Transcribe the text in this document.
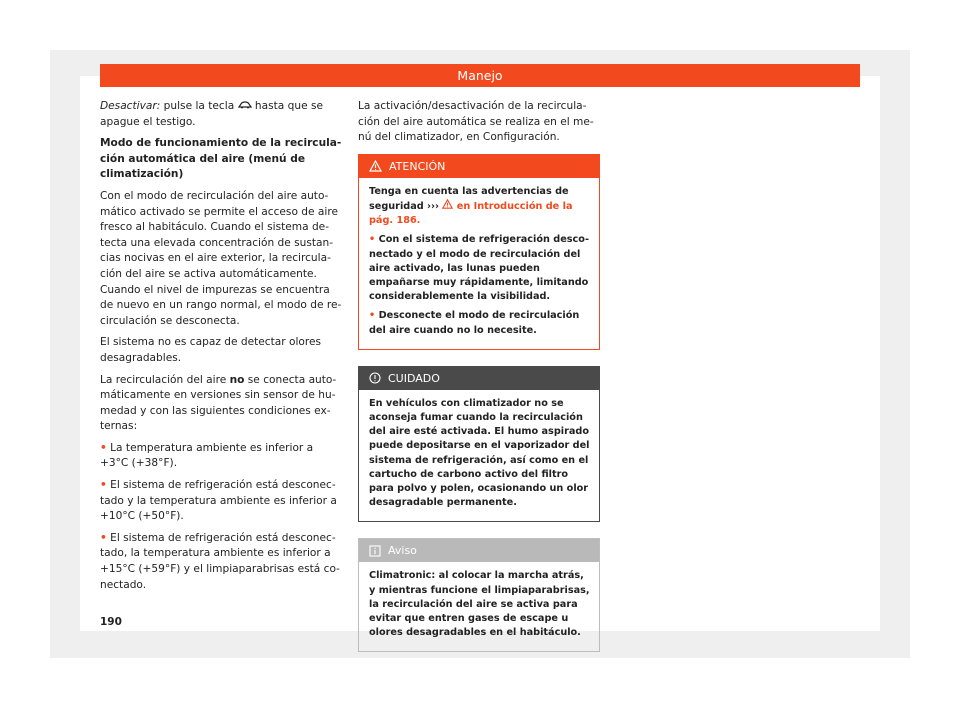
Manejo

Desactivar: pulse la tecla
hasta que se apague el testigo.

Modo de funcionamiento de la recirculación automática del aire (menú de climatización)

Con el modo de recirculación del aire automático activado se permite el acceso de aire fresco al habitáculo. Cuando el sistema detecta una elevada concentración de sustancias nocivas en el aire exterior, la recirculación del aire se activa automáticamente. Cuando el nivel de impurezas se encuentra de nuevo en un rango normal, el modo de recirculación se desconecta.

El sistema no es capaz de detectar olores desagradables.

La recirculación del aire no se conecta automáticamente en versiones sin sensor de humedad y con las siguientes condiciones externas:

• La temperatura ambiente es inferior a +3°C (+38°F).

• El sistema de refrigeración está desconectado y la temperatura ambiente es inferior a +10°C (+50°F).

• El sistema de refrigeración está desconectado, la temperatura ambiente es inferior a +15°C (+59°F) y el limpiaparabrisas está conectado.

La activación/desactivación de la recirculación del aire automática se realiza en el menú del climatizador, en Configuración.

ATENCIÓN

Tenga en cuenta las advertencias de seguridad ›››
en Introducción de la pág. 186.

• Con el sistema de refrigeración desconectado y el modo de recirculación del aire activado, las lunas pueden empañarse muy rápidamente, limitando considerablemente la visibilidad.

• Desconecte el modo de recirculación del aire cuando no lo necesite.

CUIDADO

En vehículos con climatizador no se aconseja fumar cuando la recirculación del aire esté activada. El humo aspirado puede depositarse en el vaporizador del sistema de refrigeración, así como en el cartucho de carbono activo del filtro para polvo y polen, ocasionando un olor desagradable permanente.

Aviso

Climatronic: al colocar la marcha atrás, y mientras funcione el limpiaparabrisas, la recirculación del aire se activa para evitar que entren gases de escape u olores desagradables en el habitáculo.

190
